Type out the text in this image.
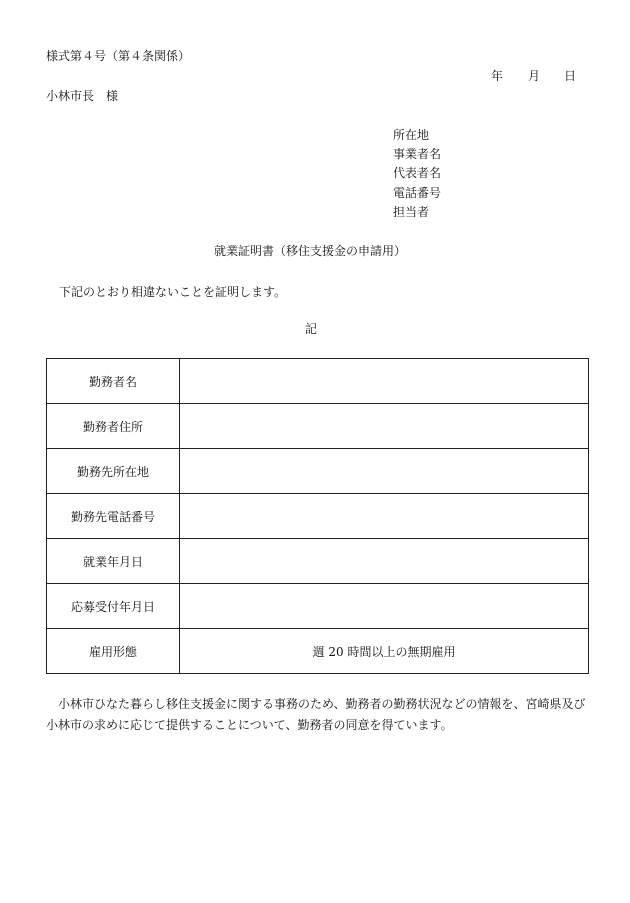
様式第４号（第４条関係）
年 月 日
小林市長　様
所在地
事業者名
代表者名
電話番号
担当者
就業証明書（移住支援金の申請用）
下記のとおり相違ないことを証明します。
記
勤務者名	
勤務者住所	
勤務先所在地	
勤務先電話番号	
就業年月日	
応募受付年月日	
雇用形態	週 20 時間以上の無期雇用
小林市ひなた暮らし移住支援金に関する事務のため、勤務者の勤務状況などの情報を、宮崎県及び小林市の求めに応じて提供することについて、勤務者の同意を得ています。
